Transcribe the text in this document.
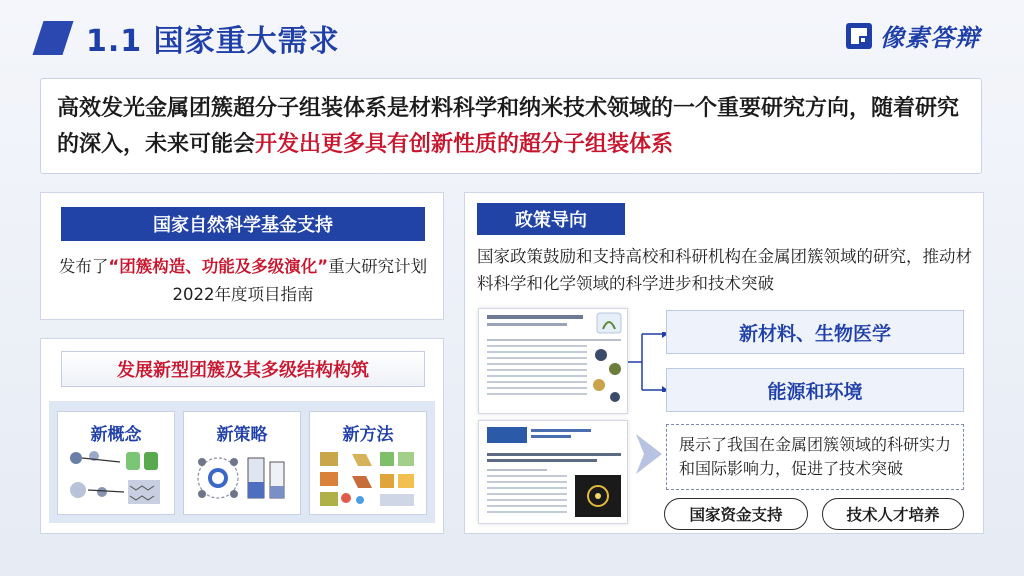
1.1 国家重大需求	像素答辩

高效发光金属团簇超分子组装体系是材料科学和纳米技术领域的一个重要研究方向，随着研究的深入，未来可能会开发出更多具有创新性质的超分子组装体系

国家自然科学基金支持
发布了“团簇构造、功能及多级演化”重大研究计划2022年度项目指南
发展新型团簇及其多级结构构筑
新概念	新策略	新方法
政策导向
国家政策鼓励和支持高校和科研机构在金属团簇领域的研究，推动材料科学和化学领域的科学进步和技术突破
新材料、生物医学
能源和环境
展示了我国在金属团簇领域的科研实力和国际影响力，促进了技术突破
国家资金支持	技术人才培养
